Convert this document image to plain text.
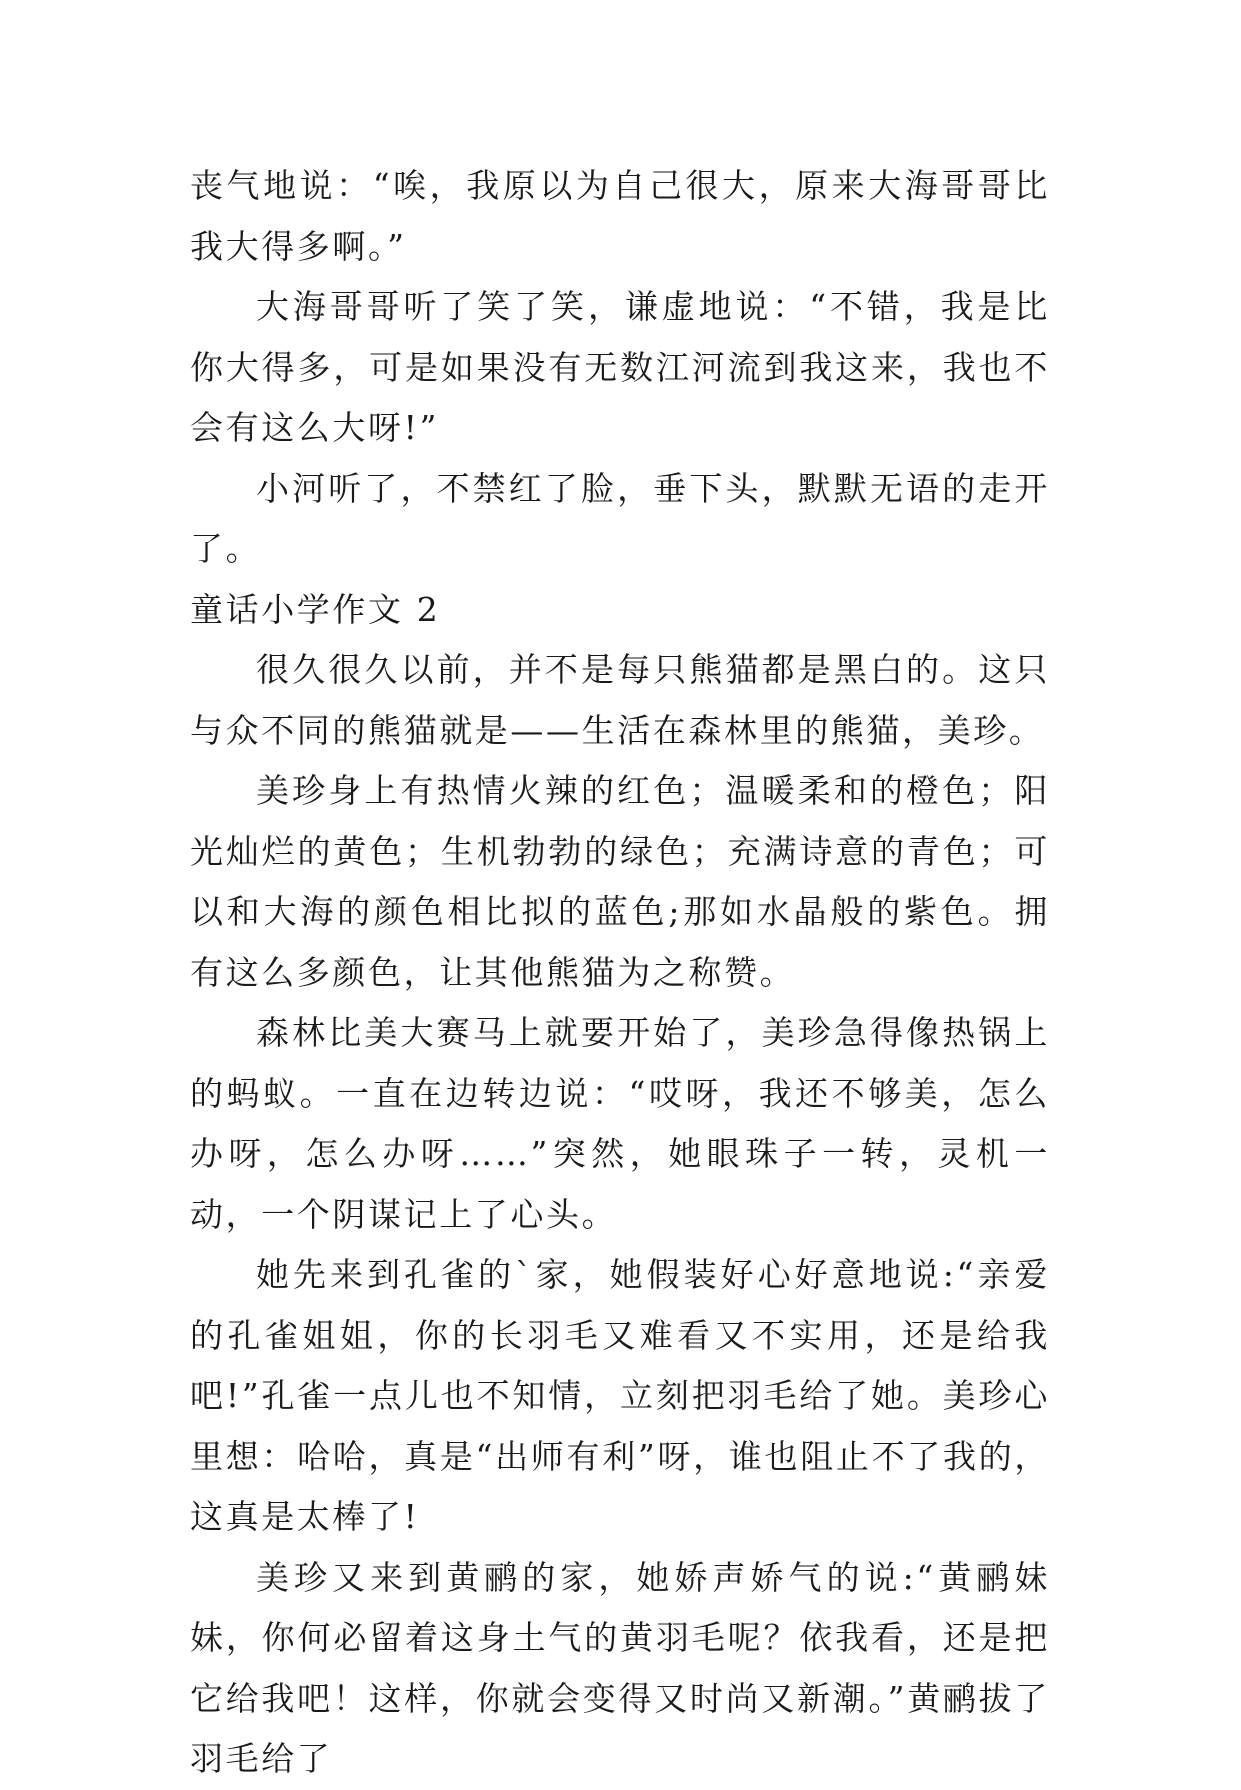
丧气地说：“唉，我原以为自己很大，原来大海哥哥比我大得多啊。”

大海哥哥听了笑了笑，谦虚地说：“不错，我是比你大得多，可是如果没有无数江河流到我这来，我也不会有这么大呀!”

小河听了，不禁红了脸，垂下头，默默无语的走开了。

童话小学作文 2

很久很久以前，并不是每只熊猫都是黑白的。这只与众不同的熊猫就是——生活在森林里的熊猫，美珍。

美珍身上有热情火辣的红色；温暖柔和的橙色；阳光灿烂的黄色；生机勃勃的绿色；充满诗意的青色；可以和大海的颜色相比拟的蓝色;那如水晶般的紫色。拥有这么多颜色，让其他熊猫为之称赞。

森林比美大赛马上就要开始了，美珍急得像热锅上的蚂蚁。一直在边转边说：“哎呀，我还不够美，怎么办呀，怎么办呀……”突然，她眼珠子一转，灵机一动，一个阴谋记上了心头。

她先来到孔雀的`家，她假装好心好意地说:“亲爱的孔雀姐姐，你的长羽毛又难看又不实用，还是给我吧!”孔雀一点儿也不知情，立刻把羽毛给了她。美珍心里想：哈哈，真是“出师有利”呀，谁也阻止不了我的，这真是太棒了!

美珍又来到黄鹂的家，她娇声娇气的说:“黄鹂妹妹，你何必留着这身土气的黄羽毛呢？依我看，还是把它给我吧！这样，你就会变得又时尚又新潮。”黄鹂拔了羽毛给了
